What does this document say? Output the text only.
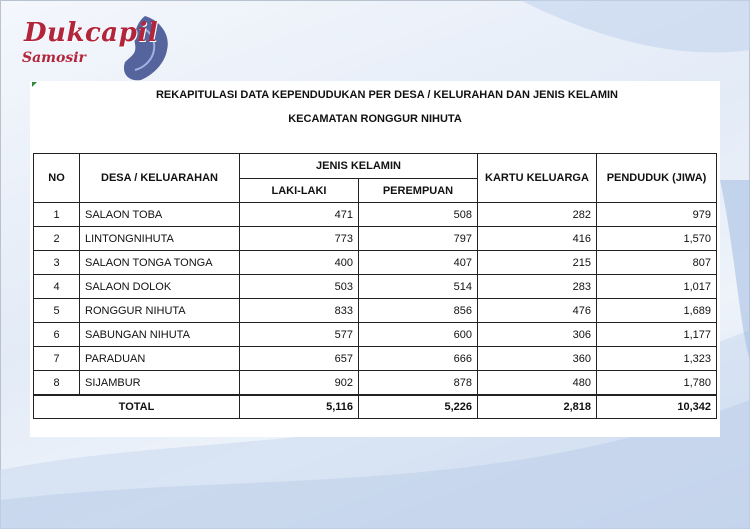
Dukcapil
Samosir
REKAPITULASI DATA KEPENDUDUKAN PER DESA / KELURAHAN DAN JENIS KELAMIN
KECAMATAN RONGGUR NIHUTA
NO	DESA / KELUARAHAN	JENIS KELAMIN		KARTU KELUARGA	PENDUDUK (JIWA)
		LAKI-LAKI	PEREMPUAN		
1	SALAON TOBA	471	508	282	979
2	LINTONGNIHUTA	773	797	416	1,570
3	SALAON TONGA TONGA	400	407	215	807
4	SALAON DOLOK	503	514	283	1,017
5	RONGGUR NIHUTA	833	856	476	1,689
6	SABUNGAN NIHUTA	577	600	306	1,177
7	PARADUAN	657	666	360	1,323
8	SIJAMBUR	902	878	480	1,780
TOTAL		5,116	5,226	2,818	10,342
